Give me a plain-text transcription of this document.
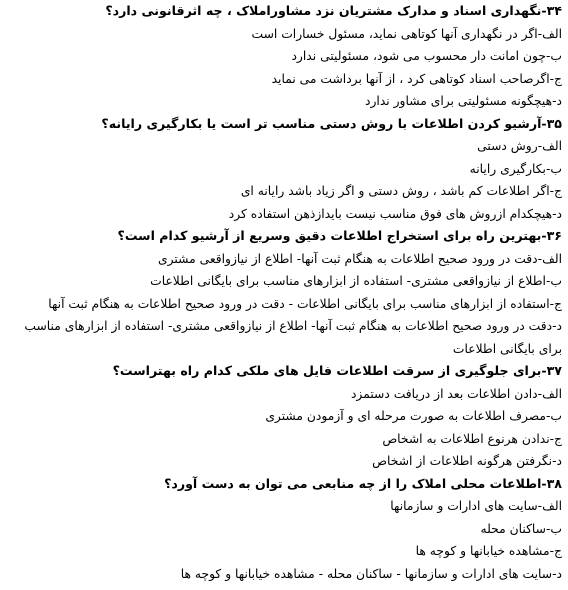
۳۴-نگهداری اسناد و مدارک مشتریان نزد مشاوراملاک ، چه اثرقانونی دارد؟
الف-اگر در نگهداری آنها کوتاهی نماید، مسئول خسارات است
ب-چون امانت دار محسوب می شود، مسئولیتی ندارد
ج-اگرصاحب اسناد کوتاهی کرد ، از آنها برداشت می نماید
د-هیچگونه مسئولیتی برای مشاور ندارد
۳۵-آرشیو کردن اطلاعات با روش دستی مناسب تر است یا بکارگیری رایانه؟
الف-روش دستی
ب-بکارگیری رایانه
ج-اگر اطلاعات کم باشد ، روش دستی و اگر زیاد باشد رایانه ای
د-هیچکدام ازروش های فوق مناسب نیست بایدازذهن استفاده کرد
۳۶-بهترین راه برای استخراج اطلاعات دقیق وسریع از آرشیو کدام است؟
الف-دقت در ورود صحیح اطلاعات به هنگام ثبت آنها- اطلاع از نیازواقعی مشتری
ب-اطلاع از نیازواقعی مشتری- استفاده از ابزارهای مناسب برای بایگانی اطلاعات
ج-استفاده از ابزارهای مناسب برای بایگانی اطلاعات - دقت در ورود صحیح اطلاعات به هنگام ثبت آنها
د-دقت در ورود صحیح اطلاعات به هنگام ثبت آنها- اطلاع از نیازواقعی مشتری- استفاده از ابزارهای مناسب برای بایگانی اطلاعات
۳۷-برای جلوگیری از سرقت اطلاعات فایل های ملکی کدام راه بهتراست؟
الف-دادن اطلاعات بعد از دریافت دستمزد
ب-مصرف اطلاعات به صورت مرحله ای و آزمودن مشتری
ج-ندادن هرنوع اطلاعات به اشخاص
د-نگرفتن هرگونه اطلاعات از اشخاص
۳۸-اطلاعات محلی املاک را از چه منابعی می توان به دست آورد؟
الف-سایت های ادارات و سازمانها
ب-ساکنان محله
ج-مشاهده خیابانها و کوچه ها
د-سایت های ادارات و سازمانها - ساکنان محله - مشاهده خیابانها و کوچه ها
